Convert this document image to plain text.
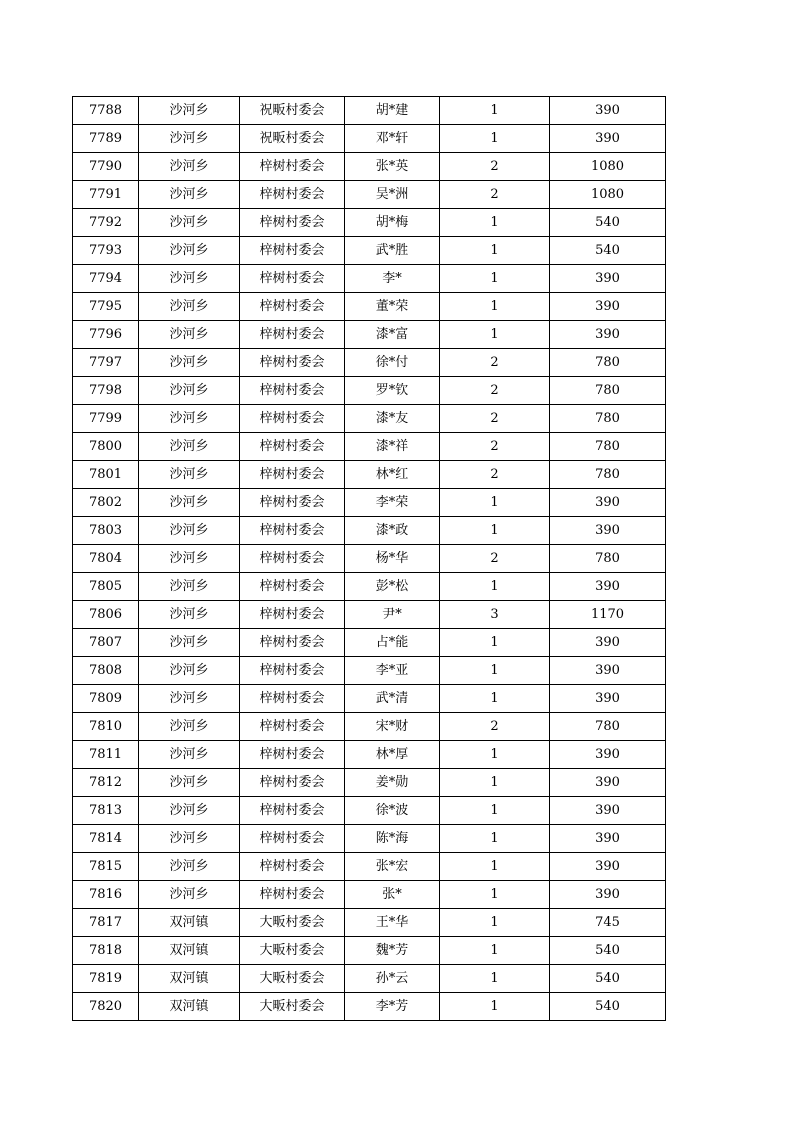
7788	沙河乡	祝畈村委会	胡*建	1	390
7789	沙河乡	祝畈村委会	邓*轩	1	390
7790	沙河乡	梓树村委会	张*英	2	1080
7791	沙河乡	梓树村委会	吴*洲	2	1080
7792	沙河乡	梓树村委会	胡*梅	1	540
7793	沙河乡	梓树村委会	武*胜	1	540
7794	沙河乡	梓树村委会	李*	1	390
7795	沙河乡	梓树村委会	董*荣	1	390
7796	沙河乡	梓树村委会	漆*富	1	390
7797	沙河乡	梓树村委会	徐*付	2	780
7798	沙河乡	梓树村委会	罗*钦	2	780
7799	沙河乡	梓树村委会	漆*友	2	780
7800	沙河乡	梓树村委会	漆*祥	2	780
7801	沙河乡	梓树村委会	林*红	2	780
7802	沙河乡	梓树村委会	李*荣	1	390
7803	沙河乡	梓树村委会	漆*政	1	390
7804	沙河乡	梓树村委会	杨*华	2	780
7805	沙河乡	梓树村委会	彭*松	1	390
7806	沙河乡	梓树村委会	尹*	3	1170
7807	沙河乡	梓树村委会	占*能	1	390
7808	沙河乡	梓树村委会	李*亚	1	390
7809	沙河乡	梓树村委会	武*清	1	390
7810	沙河乡	梓树村委会	宋*财	2	780
7811	沙河乡	梓树村委会	林*厚	1	390
7812	沙河乡	梓树村委会	姜*勋	1	390
7813	沙河乡	梓树村委会	徐*波	1	390
7814	沙河乡	梓树村委会	陈*海	1	390
7815	沙河乡	梓树村委会	张*宏	1	390
7816	沙河乡	梓树村委会	张*	1	390
7817	双河镇	大畈村委会	王*华	1	745
7818	双河镇	大畈村委会	魏*芳	1	540
7819	双河镇	大畈村委会	孙*云	1	540
7820	双河镇	大畈村委会	李*芳	1	540
